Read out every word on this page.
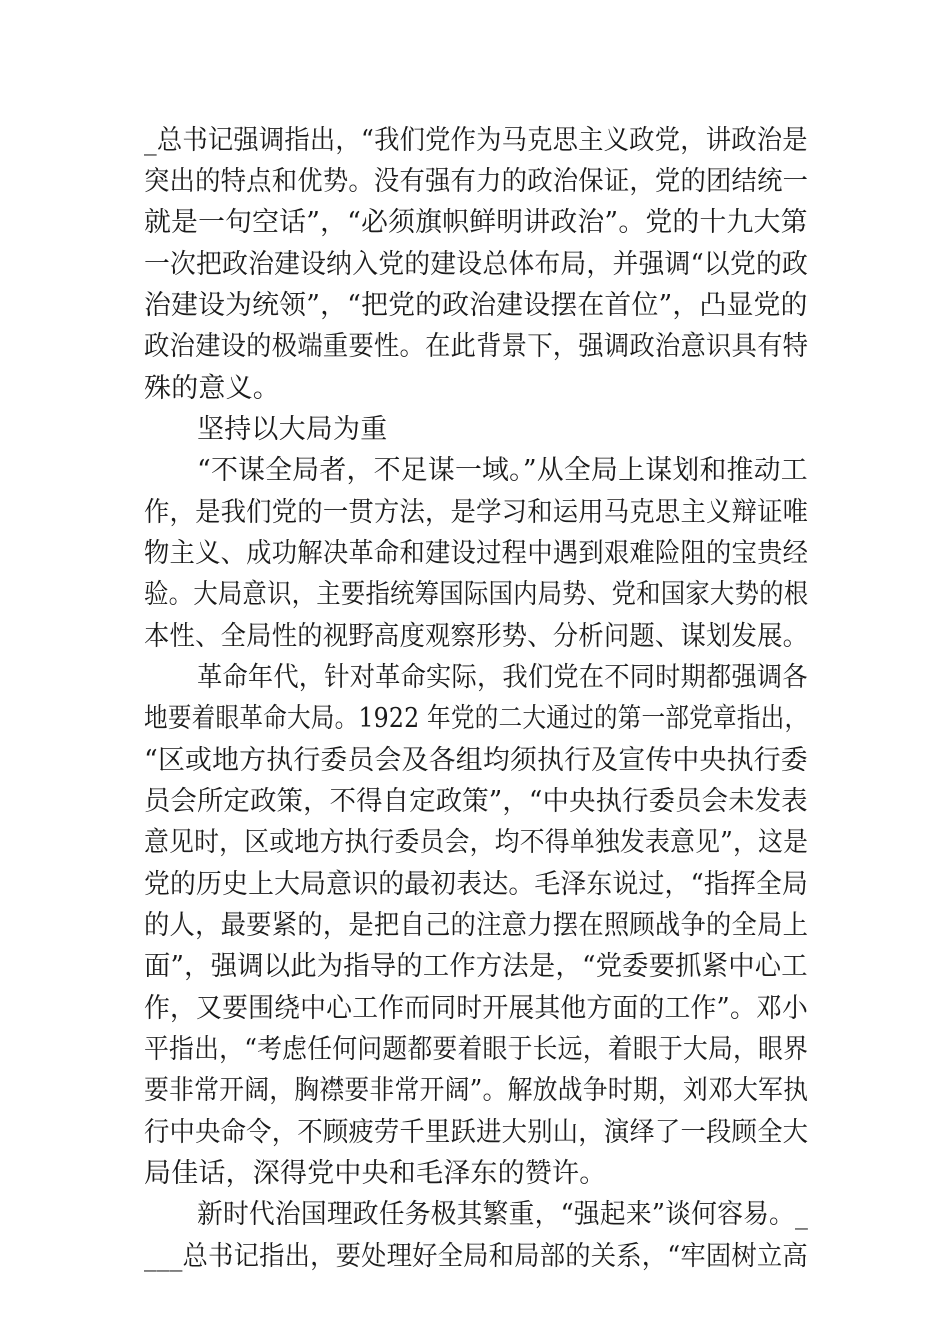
_总书记强调指出，“我们党作为马克思主义政党，讲政治是
突出的特点和优势。没有强有力的政治保证，党的团结统一
就是一句空话”，“必须旗帜鲜明讲政治”。党的十九大第
一次把政治建设纳入党的建设总体布局，并强调“以党的政
治建设为统领”，“把党的政治建设摆在首位”，凸显党的
政治建设的极端重要性。在此背景下，强调政治意识具有特
殊的意义。
坚持以大局为重
“不谋全局者，不足谋一域。”从全局上谋划和推动工
作，是我们党的一贯方法，是学习和运用马克思主义辩证唯
物主义、成功解决革命和建设过程中遇到艰难险阻的宝贵经
验。大局意识，主要指统筹国际国内局势、党和国家大势的根
本性、全局性的视野高度观察形势、分析问题、谋划发展。
革命年代，针对革命实际，我们党在不同时期都强调各
地要着眼革命大局。1922 年党的二大通过的第一部党章指出，
“区或地方执行委员会及各组均须执行及宣传中央执行委
员会所定政策，不得自定政策”，“中央执行委员会未发表
意见时，区或地方执行委员会，均不得单独发表意见”，这是
党的历史上大局意识的最初表达。毛泽东说过，“指挥全局
的人，最要紧的，是把自己的注意力摆在照顾战争的全局上
面”，强调以此为指导的工作方法是，“党委要抓紧中心工
作，又要围绕中心工作而同时开展其他方面的工作”。邓小
平指出，“考虑任何问题都要着眼于长远，着眼于大局，眼界
要非常开阔，胸襟要非常开阔”。解放战争时期，刘邓大军执
行中央命令，不顾疲劳千里跃进大别山，演绎了一段顾全大
局佳话，深得党中央和毛泽东的赞许。
新时代治国理政任务极其繁重，“强起来”谈何容易。_
___总书记指出，要处理好全局和局部的关系，“牢固树立高
